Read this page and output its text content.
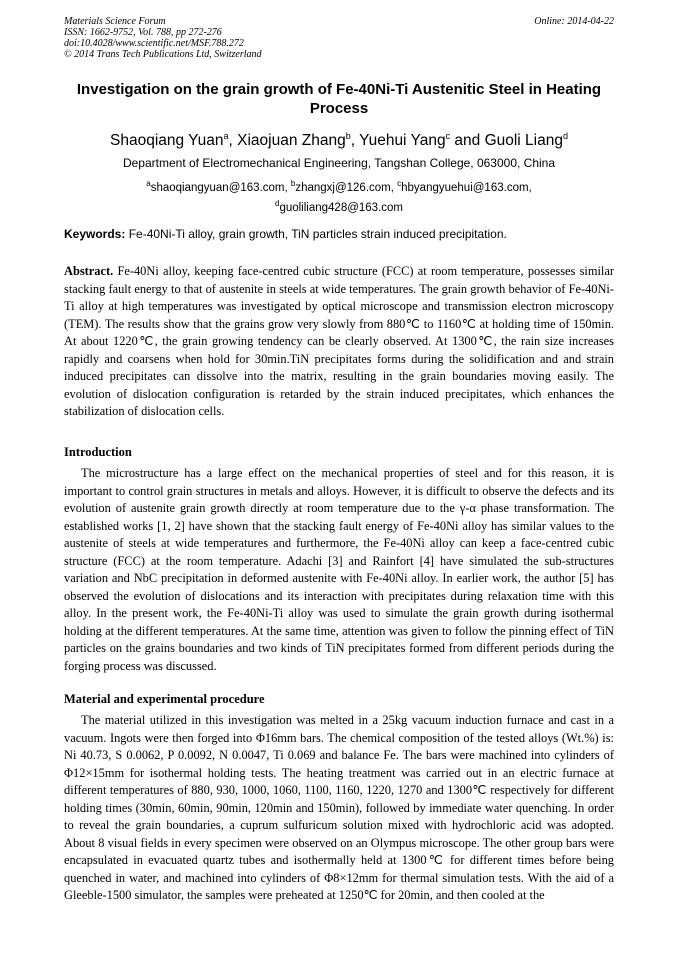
Materials Science Forum
ISSN: 1662-9752, Vol. 788, pp 272-276
doi:10.4028/www.scientific.net/MSF.788.272
© 2014 Trans Tech Publications Ltd, Switzerland
Online: 2014-04-22
Investigation on the grain growth of Fe-40Ni-Ti Austenitic Steel in Heating Process
Shaoqiang Yuan$^a$, Xiaojuan Zhang$^b$, Yuehui Yang$^c$ and Guoli Liang$^d$
Department of Electromechanical Engineering, Tangshan College, 063000, China
$^a$shaoqiangyuan@163.com, $^b$zhangxj@126.com, $^c$hbyangyuehui@163.com,
$^d$guoliliang428@163.com
Keywords: Fe-40Ni-Ti alloy, grain growth, TiN particles strain induced precipitation.
Abstract. Fe-40Ni alloy, keeping face-centred cubic structure (FCC) at room temperature, possesses similar stacking fault energy to that of austenite in steels at wide temperatures. The grain growth behavior of Fe-40Ni-Ti alloy at high temperatures was investigated by optical microscope and transmission electron microscopy (TEM). The results show that the grains grow very slowly from 880℃ to 1160℃ at holding time of 150min. At about 1220℃, the grain growing tendency can be clearly observed. At 1300℃, the rain size increases rapidly and coarsens when hold for 30min.TiN precipitates forms during the solidification and and strain induced precipitates can dissolve into the matrix, resulting in the grain boundaries moving easily. The evolution of dislocation configuration is retarded by the strain induced precipitates, which enhances the stabilization of dislocation cells.
Introduction
The microstructure has a large effect on the mechanical properties of steel and for this reason, it is important to control grain structures in metals and alloys. However, it is difficult to observe the defects and its evolution of austenite grain growth directly at room temperature due to the γ-α phase transformation. The established works [1, 2] have shown that the stacking fault energy of Fe-40Ni alloy has similar values to the austenite of steels at wide temperatures and furthermore, the Fe-40Ni alloy can keep a face-centred cubic structure (FCC) at the room temperature. Adachi [3] and Rainfort [4] have simulated the sub-structures variation and NbC precipitation in deformed austenite with Fe-40Ni alloy. In earlier work, the author [5] has observed the evolution of dislocations and its interaction with precipitates during relaxation time with this alloy. In the present work, the Fe-40Ni-Ti alloy was used to simulate the grain growth during isothermal holding at the different temperatures. At the same time, attention was given to follow the pinning effect of TiN particles on the grains boundaries and two kinds of TiN precipitates formed from different periods during the forging process was discussed.
Material and experimental procedure
The material utilized in this investigation was melted in a 25kg vacuum induction furnace and cast in a vacuum. Ingots were then forged into Φ16mm bars. The chemical composition of the tested alloys (Wt.%) is: Ni 40.73, S 0.0062, P 0.0092, N 0.0047, Ti 0.069 and balance Fe. The bars were machined into cylinders of Φ12×15mm for isothermal holding tests. The heating treatment was carried out in an electric furnace at different temperatures of 880, 930, 1000, 1060, 1100, 1160, 1220, 1270 and 1300℃ respectively for different holding times (30min, 60min, 90min, 120min and 150min), followed by immediate water quenching. In order to reveal the grain boundaries, a cuprum sulfuricum solution mixed with hydrochloric acid was adopted. About 8 visual fields in every specimen were observed on an Olympus microscope. The other group bars were encapsulated in evacuated quartz tubes and isothermally held at 1300℃ for different times before being quenched in water, and machined into cylinders of Φ8×12mm for thermal simulation tests. With the aid of a Gleeble-1500 simulator, the samples were preheated at 1250℃ for 20min, and then cooled at the
